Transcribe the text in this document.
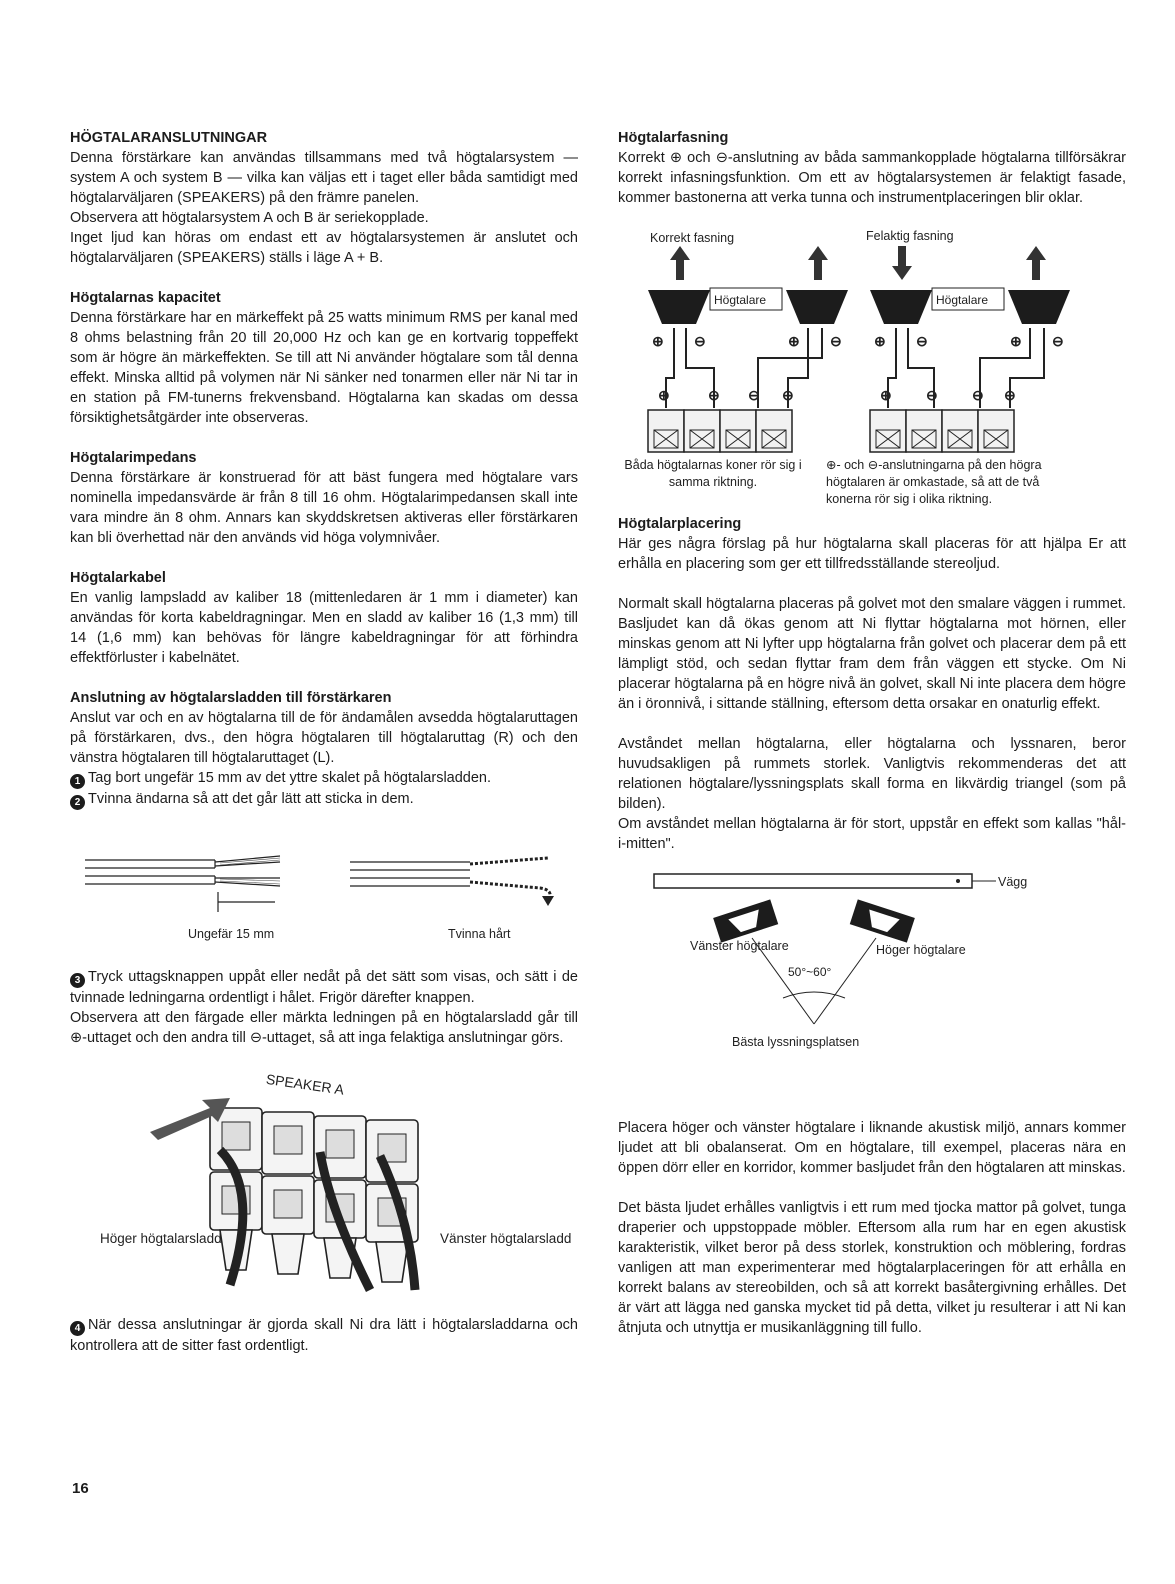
HÖGTALARANSLUTNINGAR

Denna förstärkare kan användas tillsammans med två högtalarsystem — system A och system B — vilka kan väljas ett i taget eller båda samtidigt med högtalarväljaren (SPEAKERS) på den främre panelen.

Observera att högtalarsystem A och B är seriekopplade.

Inget ljud kan höras om endast ett av högtalarsystemen är anslutet och högtalarväljaren (SPEAKERS) ställs i läge A + B.

Högtalarnas kapacitet

Denna förstärkare har en märkeffekt på 25 watts minimum RMS per kanal med 8 ohms belastning från 20 till 20,000 Hz och kan ge en kortvarig toppeffekt som är högre än märkeffekten. Se till att Ni använder högtalare som tål denna effekt. Minska alltid på volymen när Ni sänker ned tonarmen eller när Ni tar in en station på FM-tunerns frekvensband. Högtalarna kan skadas om dessa försiktighetsåtgärder inte observeras.

Högtalarimpedans

Denna förstärkare är konstruerad för att bäst fungera med högtalare vars nominella impedansvärde är från 8 till 16 ohm. Högtalarimpedansen skall inte vara mindre än 8 ohm. Annars kan skyddskretsen aktiveras eller förstärkaren kan bli överhettad när den används vid höga volymnivåer.

Högtalarkabel

En vanlig lampsladd av kaliber 18 (mittenledaren är 1 mm i diameter) kan användas för korta kabeldragningar. Men en sladd av kaliber 16 (1,3 mm) till 14 (1,6 mm) kan behövas för längre kabeldragningar för att förhindra effektförluster i kabelnätet.

Anslutning av högtalarsladden till förstärkaren

Anslut var och en av högtalarna till de för ändamålen avsedda högtalaruttagen på förstärkaren, dvs., den högra högtalaren till högtalaruttag (R) och den vänstra högtalaren till högtalaruttaget (L).

1 Tag bort ungefär 15 mm av det yttre skalet på högtalarsladden.

2 Tvinna ändarna så att det går lätt att sticka in dem.

Ungefär 15 mm	Tvinna hårt

3 Tryck uttagsknappen uppåt eller nedåt på det sätt som visas, och sätt i de tvinnade ledningarna ordentligt i hålet. Frigör därefter knappen.

Observera att den färgade eller märkta ledningen på en högtalarsladd går till ⊕-uttaget och den andra till ⊖-uttaget, så att inga felaktiga anslutningar görs.

SPEAKER A
Höger högtalarsladd	Vänster högtalarsladd

4 När dessa anslutningar är gjorda skall Ni dra lätt i högtalarsladdarna och kontrollera att de sitter fast ordentligt.

Högtalarfasning

Korrekt ⊕ och ⊖-anslutning av båda sammankopplade högtalarna tillförsäkrar korrekt infasningsfunktion. Om ett av högtalarsystemen är felaktigt fasade, kommer bastonerna att verka tunna och instrumentplaceringen blir oklar.

Korrekt fasning	Felaktig fasning
Högtalare	Högtalare
⊕ ⊖	⊕ ⊖ ⊕ ⊖	⊕ ⊖
⊕	⊖ ⊖ ⊕	⊕ ⊖ ⊖ ⊕
Båda högtalarnas koner rör sig i samma riktning.
⊕- och ⊖-anslutningarna på den högra högtalaren är omkastade, så att de två konerna rör sig i olika riktning.
Högtalarplacering

Här ges några förslag på hur högtalarna skall placeras för att hjälpa Er att erhålla en placering som ger ett tillfredsställande stereoljud.

Normalt skall högtalarna placeras på golvet mot den smalare väggen i rummet. Basljudet kan då ökas genom att Ni flyttar högtalarna mot hörnen, eller minskas genom att Ni lyfter upp högtalarna från golvet och placerar dem på ett lämpligt stöd, och sedan flyttar fram dem från väggen ett stycke. Om Ni placerar högtalarna på en högre nivå än golvet, skall Ni inte placera dem högre än i öronnivå, i sittande ställning, eftersom detta orsakar en onaturlig effekt.

Avståndet mellan högtalarna, eller högtalarna och lyssnaren, beror huvudsakligen på rummets storlek. Vanligtvis rekommenderas det att relationen högtalare/lyssningsplats skall forma en likvärdig triangel (som på bilden).

Om avståndet mellan högtalarna är för stort, uppstår en effekt som kallas "hål-i-mitten".

Vägg
Vänster högtalare	Höger högtalare
50°~60°
Bästa lyssningsplatsen

Placera höger och vänster högtalare i liknande akustisk miljö, annars kommer ljudet att bli obalanserat. Om en högtalare, till exempel, placeras nära en öppen dörr eller en korridor, kommer basljudet från den högtalaren att minskas.

Det bästa ljudet erhålles vanligtvis i ett rum med tjocka mattor på golvet, tunga draperier och uppstoppade möbler. Eftersom alla rum har en egen akustisk karakteristik, vilket beror på dess storlek, konstruktion och möblering, fordras vanligen att man experimenterar med högtalarplaceringen för att erhålla en korrekt balans av stereobilden, och så att korrekt basåtergivning erhålles. Det är värt att lägga ned ganska mycket tid på detta, vilket ju resulterar i att Ni kan åtnjuta och utnyttja er musikanläggning till fullo.

16
